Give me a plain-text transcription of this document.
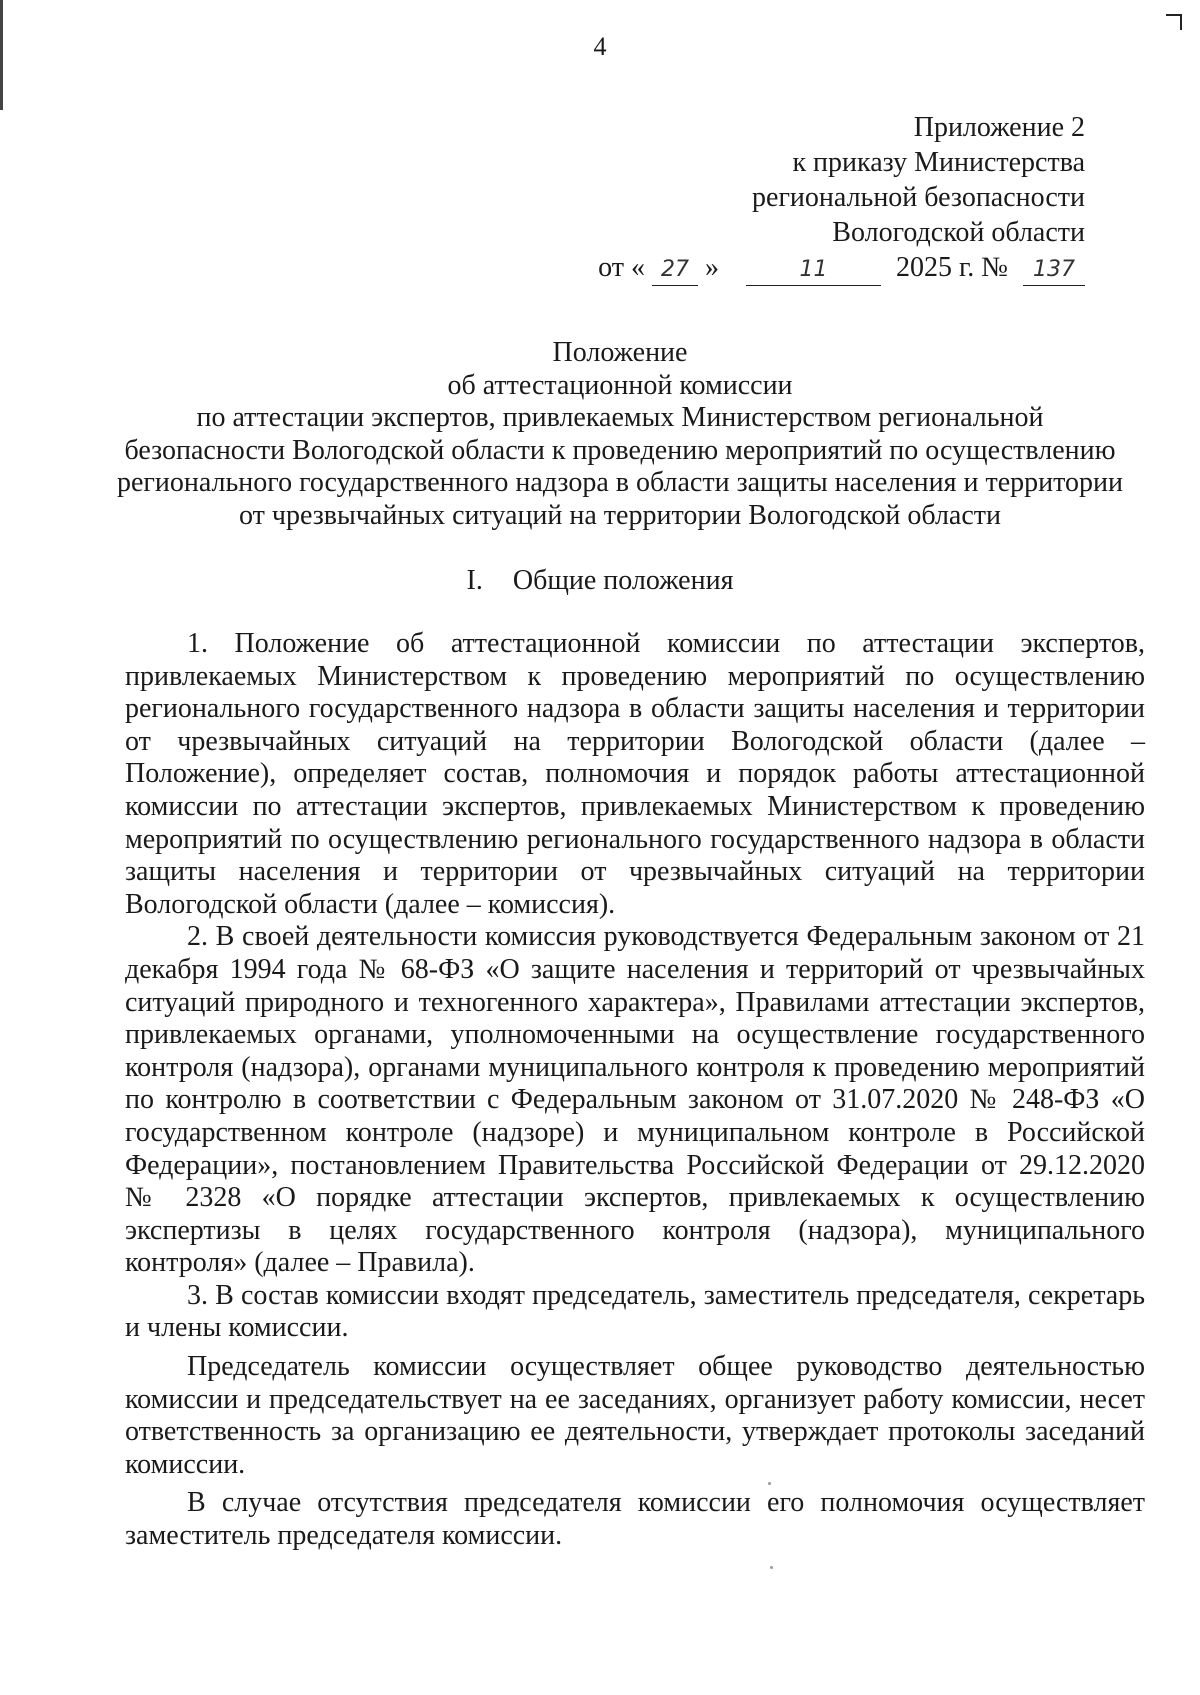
4
Приложение 2
к приказу Министерства
региональной безопасности
Вологодской области
от « 27 »	11 2025 г. № 137
Положение
об аттестационной комиссии
по аттестации экспертов, привлекаемых Министерством региональной
безопасности Вологодской области к проведению мероприятий по осуществлению
регионального государственного надзора в области защиты населения и территории
от чрезвычайных ситуаций на территории Вологодской области
I. Общие положения

1. Положение об аттестационной комиссии по аттестации экспертов, привлекаемых Министерством к проведению мероприятий по осуществлению регионального государственного надзора в области защиты населения и территории от чрезвычайных ситуаций на территории Вологодской области (далее – Положение), определяет состав, полномочия и порядок работы аттестационной комиссии по аттестации экспертов, привлекаемых Министерством к проведению мероприятий по осуществлению регионального государственного надзора в области защиты населения и территории от чрезвычайных ситуаций на территории Вологодской области (далее – комиссия).

2. В своей деятельности комиссия руководствуется Федеральным законом от 21 декабря 1994 года № 68-ФЗ «О защите населения и территорий от чрезвычайных ситуаций природного и техногенного характера», Правилами аттестации экспертов, привлекаемых органами, уполномоченными на осуществление государственного контроля (надзора), органами муниципального контроля к проведению мероприятий по контролю в соответствии с Федеральным законом от 31.07.2020 № 248-ФЗ «О государственном контроле (надзоре) и муниципальном контроле в Российской Федерации», постановлением Правительства Российской Федерации от 29.12.2020 № 2328 «О порядке аттестации экспертов, привлекаемых к осуществлению экспертизы в целях государственного контроля (надзора), муниципального контроля» (далее – Правила).

3. В состав комиссии входят председатель, заместитель председателя, секретарь и члены комиссии.

Председатель комиссии осуществляет общее руководство деятельностью комиссии и председательствует на ее заседаниях, организует работу комиссии, несет ответственность за организацию ее деятельности, утверждает протоколы заседаний комиссии.

В случае отсутствия председателя комиссии его полномочия осуществляет заместитель председателя комиссии.
